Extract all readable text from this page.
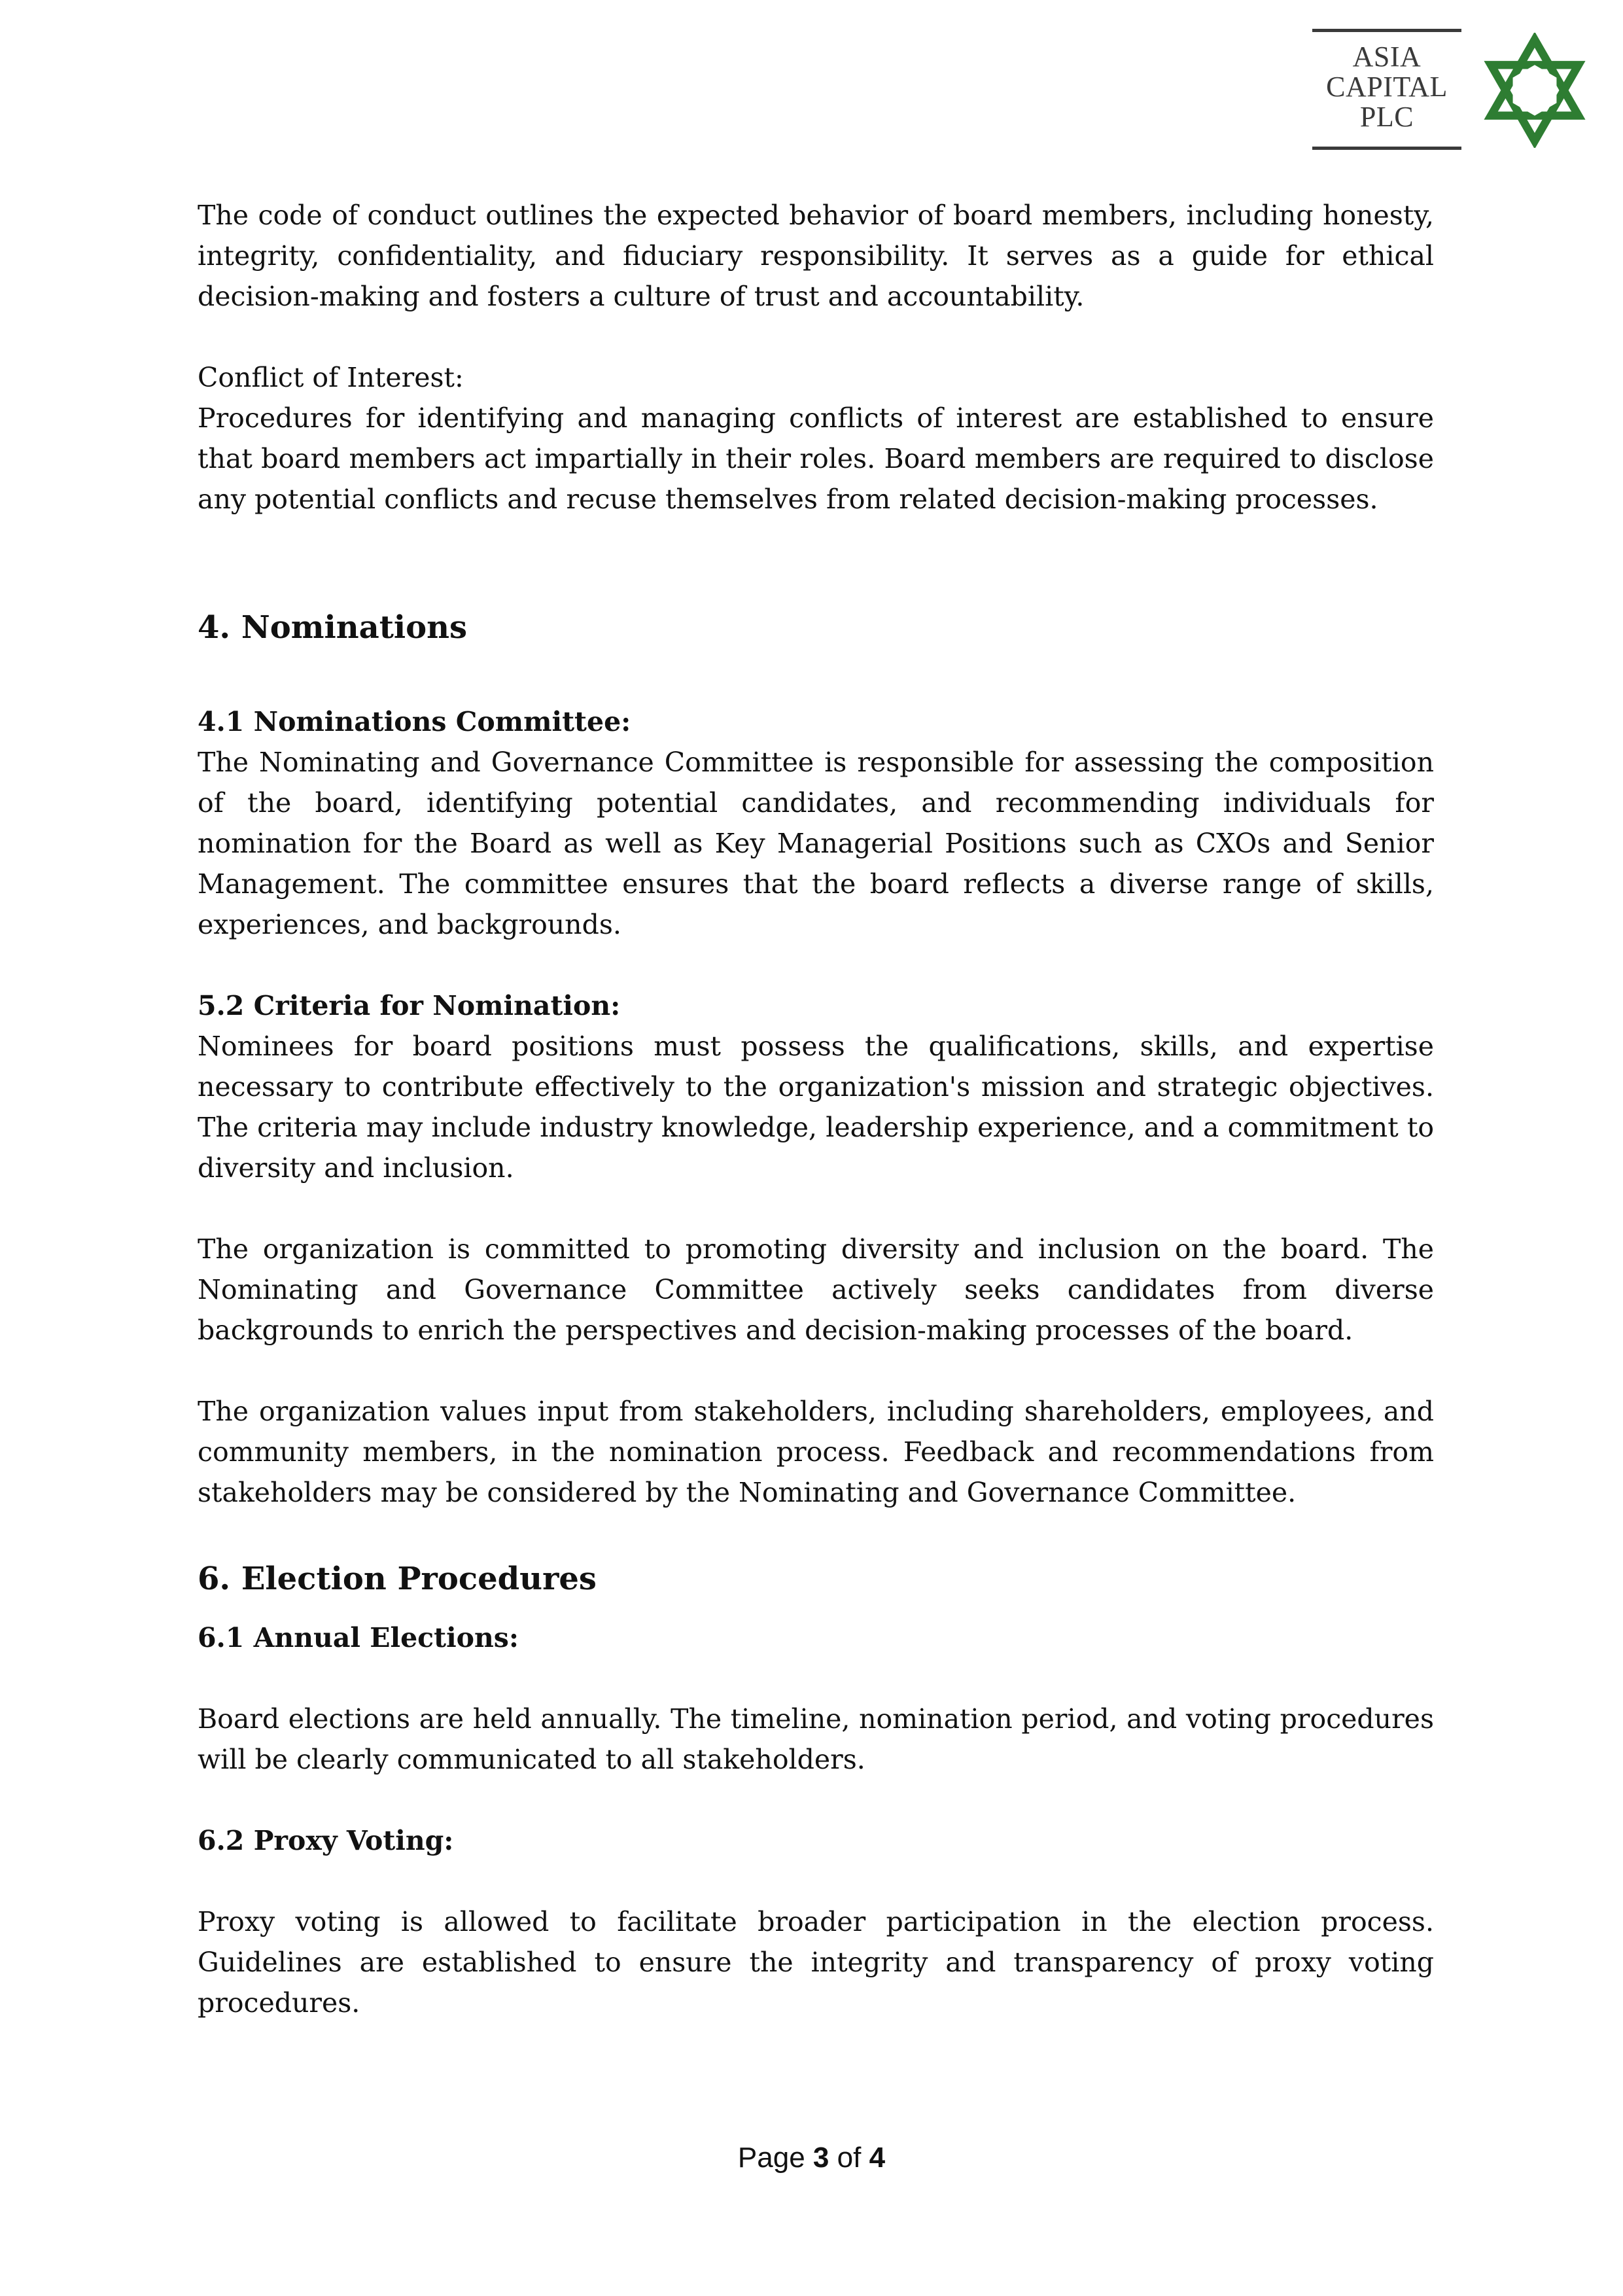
ASIA
CAPITAL
PLC

The code of conduct outlines the expected behavior of board members, including honesty, integrity, confidentiality, and fiduciary responsibility. It serves as a guide for ethical decision-making and fosters a culture of trust and accountability.

Conflict of Interest:

Procedures for identifying and managing conflicts of interest are established to ensure that board members act impartially in their roles. Board members are required to disclose any potential conflicts and recuse themselves from related decision-making processes.

4. Nominations
4.1 Nominations Committee:

The Nominating and Governance Committee is responsible for assessing the composition of the board, identifying potential candidates, and recommending individuals for nomination for the Board as well as Key Managerial Positions such as CXOs and Senior Management. The committee ensures that the board reflects a diverse range of skills, experiences, and backgrounds.

5.2 Criteria for Nomination:

Nominees for board positions must possess the qualifications, skills, and expertise necessary to contribute effectively to the organization's mission and strategic objectives. The criteria may include industry knowledge, leadership experience, and a commitment to diversity and inclusion.

The organization is committed to promoting diversity and inclusion on the board. The Nominating and Governance Committee actively seeks candidates from diverse backgrounds to enrich the perspectives and decision-making processes of the board.

The organization values input from stakeholders, including shareholders, employees, and community members, in the nomination process. Feedback and recommendations from stakeholders may be considered by the Nominating and Governance Committee.

6. Election Procedures
6.1 Annual Elections:

Board elections are held annually. The timeline, nomination period, and voting procedures will be clearly communicated to all stakeholders.

6.2 Proxy Voting:

Proxy voting is allowed to facilitate broader participation in the election process. Guidelines are established to ensure the integrity and transparency of proxy voting procedures.

Page 3 of 4
